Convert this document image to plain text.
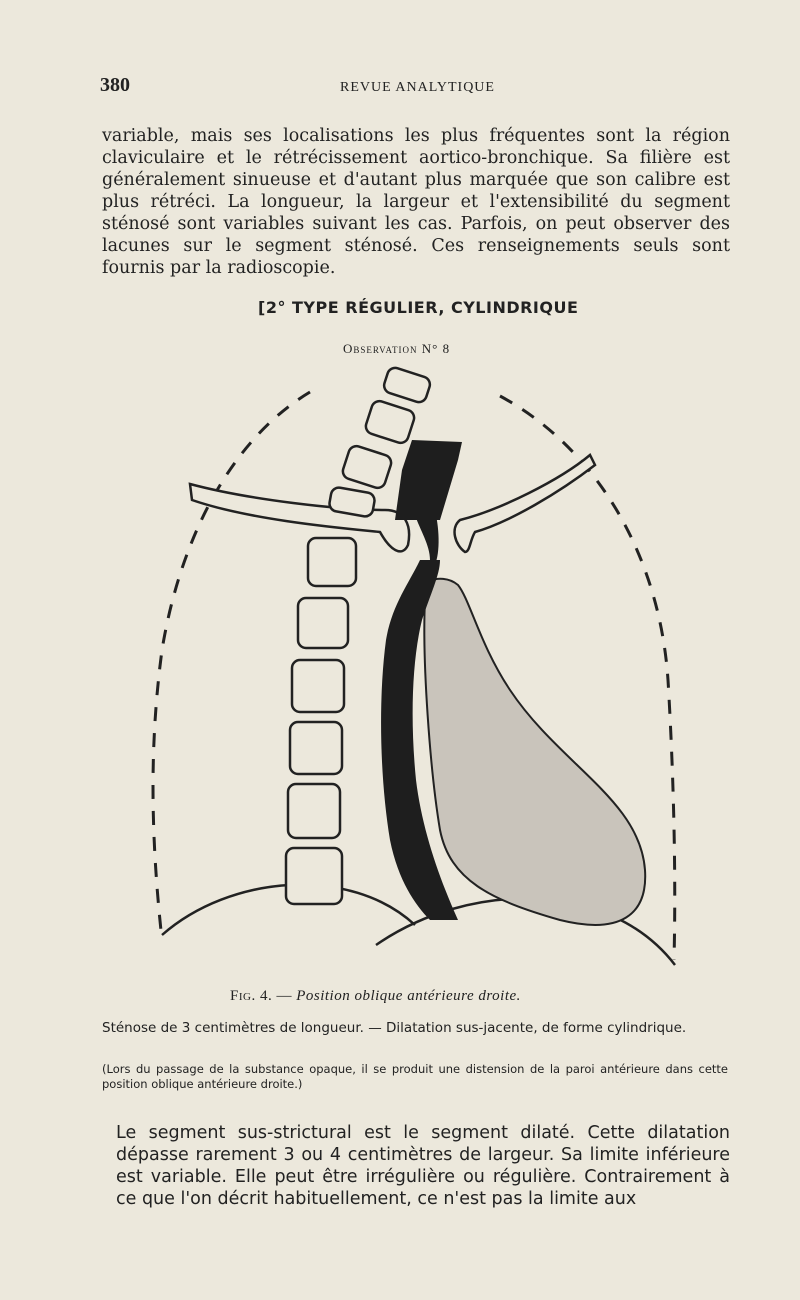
380	REVUE ANALYTIQUE

variable, mais ses localisations les plus fréquentes sont la région claviculaire et le rétrécissement aortico-bronchique. Sa filière est généralement sinueuse et d'autant plus marquée que son calibre est plus rétréci. La longueur, la largeur et l'extensibilité du segment sténosé sont variables suivant les cas. Parfois, on peut observer des lacunes sur le segment sténosé. Ces renseignements seuls sont fournis par la radioscopie.

[2° TYPE RÉGULIER, CYLINDRIQUE
Observation N° 8
Fig. 4. — Position oblique antérieure droite.
Sténose de 3 centimètres de longueur. — Dilatation sus-jacente, de forme cylindrique.
(Lors du passage de la substance opaque, il se produit une distension de la paroi antérieure dans cette position oblique antérieure droite.)

Le segment sus-strictural est le segment dilaté. Cette dilatation dépasse rarement 3 ou 4 centimètres de largeur. Sa limite inférieure est variable. Elle peut être irrégulière ou régulière. Contrairement à ce que l'on décrit habituellement, ce n'est pas la limite aux
